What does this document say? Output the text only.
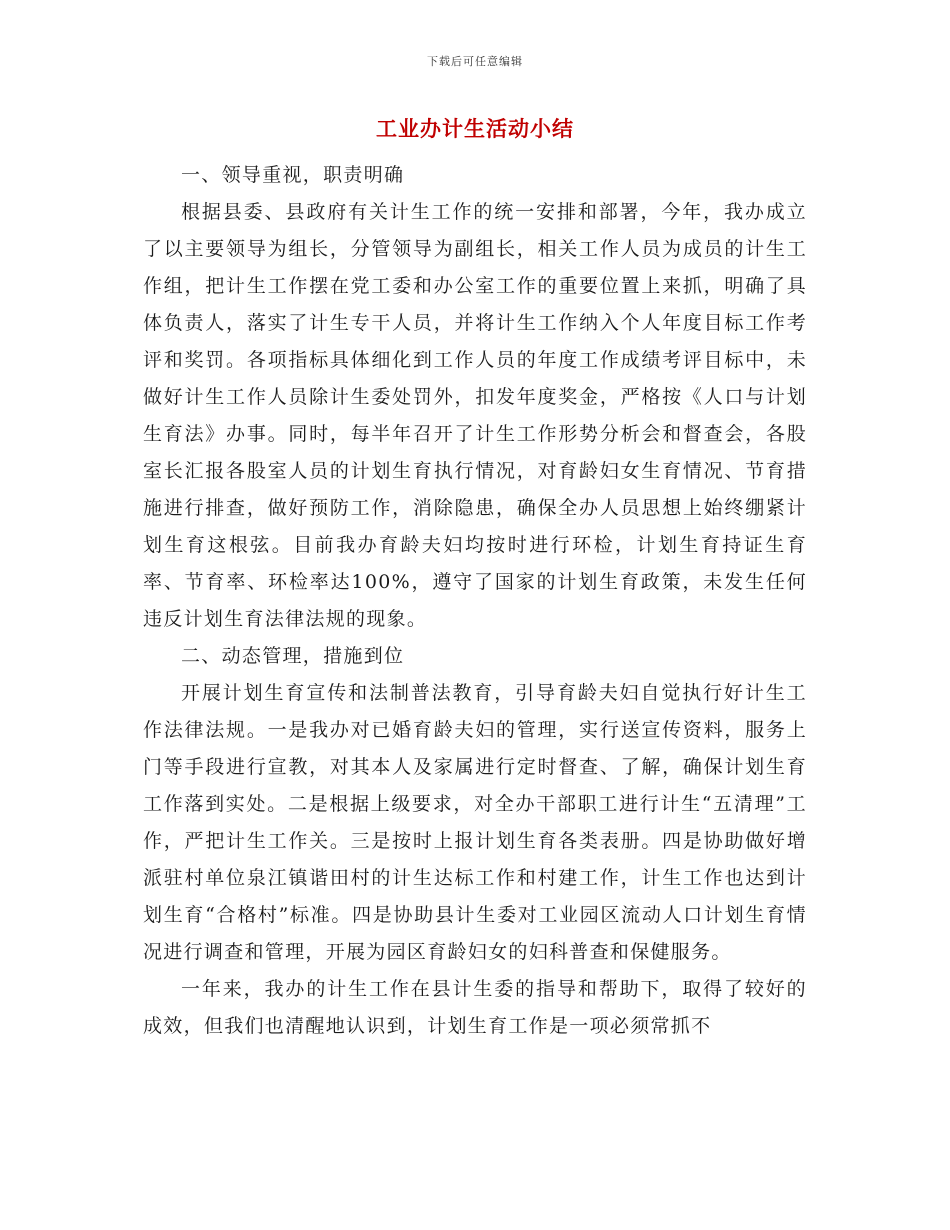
下载后可任意编辑
工业办计生活动小结

一、领导重视，职责明确

根据县委、县政府有关计生工作的统一安排和部署，今年，我办成立了以主要领导为组长，分管领导为副组长，相关工作人员为成员的计生工作组，把计生工作摆在党工委和办公室工作的重要位置上来抓，明确了具体负责人，落实了计生专干人员，并将计生工作纳入个人年度目标工作考评和奖罚。各项指标具体细化到工作人员的年度工作成绩考评目标中，未做好计生工作人员除计生委处罚外，扣发年度奖金，严格按《人口与计划生育法》办事。同时，每半年召开了计生工作形势分析会和督查会，各股室长汇报各股室人员的计划生育执行情况，对育龄妇女生育情况、节育措施进行排查，做好预防工作，消除隐患，确保全办人员思想上始终绷紧计划生育这根弦。目前我办育龄夫妇均按时进行环检，计划生育持证生育率、节育率、环检率达100%，遵守了国家的计划生育政策，未发生任何违反计划生育法律法规的现象。

二、动态管理，措施到位

开展计划生育宣传和法制普法教育，引导育龄夫妇自觉执行好计生工作法律法规。一是我办对已婚育龄夫妇的管理，实行送宣传资料，服务上门等手段进行宣教，对其本人及家属进行定时督查、了解，确保计划生育工作落到实处。二是根据上级要求，对全办干部职工进行计生“五清理”工作，严把计生工作关。三是按时上报计划生育各类表册。四是协助做好增派驻村单位泉江镇谐田村的计生达标工作和村建工作，计生工作也达到计划生育“合格村”标准。四是协助县计生委对工业园区流动人口计划生育情况进行调查和管理，开展为园区育龄妇女的妇科普查和保健服务。

一年来，我办的计生工作在县计生委的指导和帮助下，取得了较好的成效，但我们也清醒地认识到，计划生育工作是一项必须常抓不
